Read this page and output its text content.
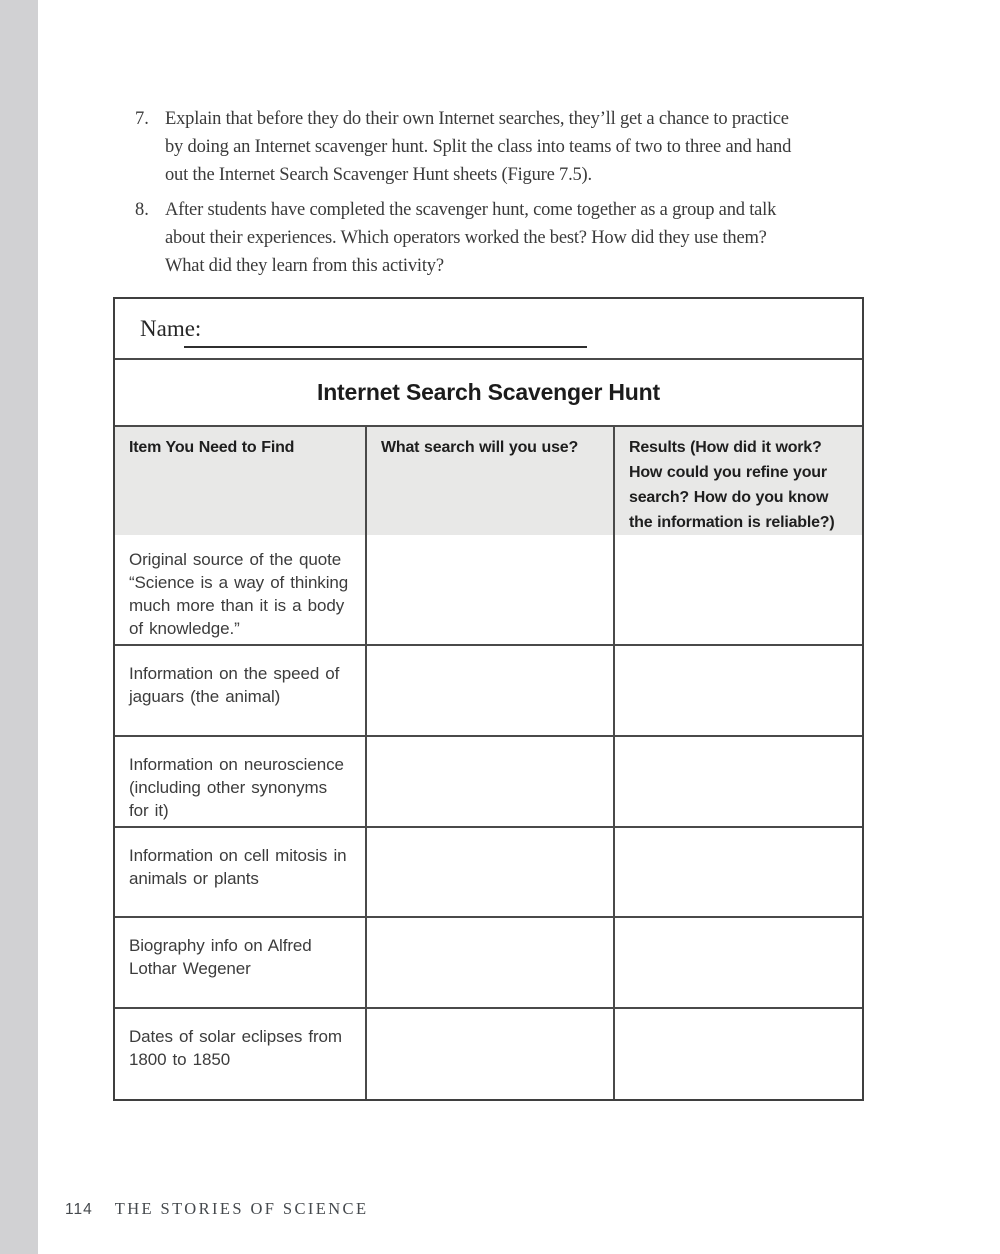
7. Explain that before they do their own Internet searches, they’ll get a chance to practice
by doing an Internet scavenger hunt. Split the class into teams of two to three and hand
out the Internet Search Scavenger Hunt sheets (Figure 7.5).
8. After students have completed the scavenger hunt, come together as a group and talk
about their experiences. Which operators worked the best? How did they use them?
What did they learn from this activity?
Name:
Internet Search Scavenger Hunt
Item You Need to Find	What search will you use?	Results (How did it work?
How could you refine your
search? How do you know
the information is reliable?)
Original source of the quote
“Science is a way of thinking
much more than it is a body
of knowledge.”
Information on the speed of
jaguars (the animal)
Information on neuroscience
(including other synonyms
for it)
Information on cell mitosis in
animals or plants
Biography info on Alfred
Lothar Wegener
Dates of solar eclipses from
1800 to 1850
114 THE STORIES OF SCIENCE
